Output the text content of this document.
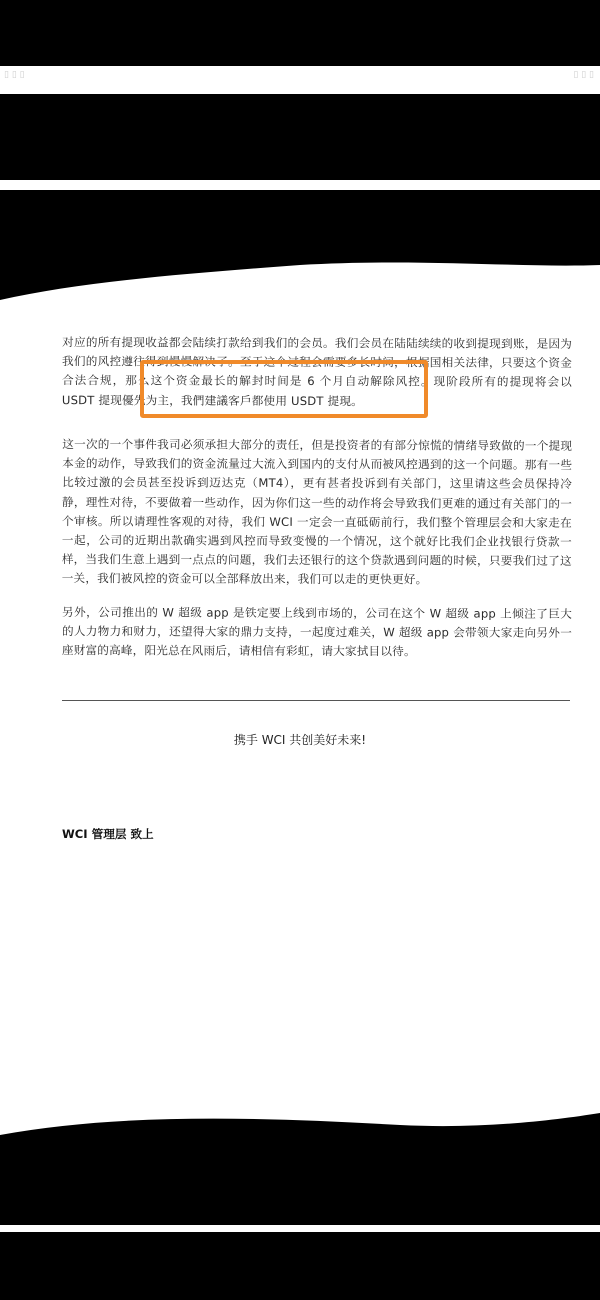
▯ ▯ ▯	▯ ▯ ▯
对应的所有提现收益都会陆续打款给到我们的会员。我们会员在陆陆续续的收到提现到账，是因为我们的风控遵往得到慢慢解决了。至于这个过程会需要多长时间，根据国相关法律，只要这个资金合法合规，那么这个资金最长的解封时间是 6 个月自动解除风控。现阶段所有的提现将会以 USDT 提现優先为主，我們建議客戶都使用 USDT 提現。
这一次的一个事件我司必须承担大部分的责任，但是投资者的有部分惊慌的情绪导致做的一个提现本金的动作，导致我们的资金流量过大流入到国内的支付从而被风控遇到的这一个问题。那有一些比较过激的会员甚至投诉到迈达克（MT4），更有甚者投诉到有关部门，这里请这些会员保持冷静，理性对待，不要做着一些动作，因为你们这一些的动作将会导致我们更难的通过有关部门的一个审核。所以请理性客观的对待，我们 WCI 一定会一直砥砺前行，我们整个管理层会和大家走在一起，公司的近期出款确实遇到风控而导致变慢的一个情况，这个就好比我们企业找银行贷款一样，当我们生意上遇到一点点的问题，我们去还银行的这个贷款遇到问题的时候，只要我们过了这一关，我们被风控的资金可以全部释放出来，我们可以走的更快更好。
另外，公司推出的 W 超级 app 是铁定要上线到市场的，公司在这个 W 超级 app 上倾注了巨大的人力物力和财力，还望得大家的鼎力支持，一起度过难关，W 超级 app 会带领大家走向另外一座财富的高峰，阳光总在风雨后，请相信有彩虹，请大家拭目以待。
携手 WCI 共创美好未来!
WCI 管理层 致上
